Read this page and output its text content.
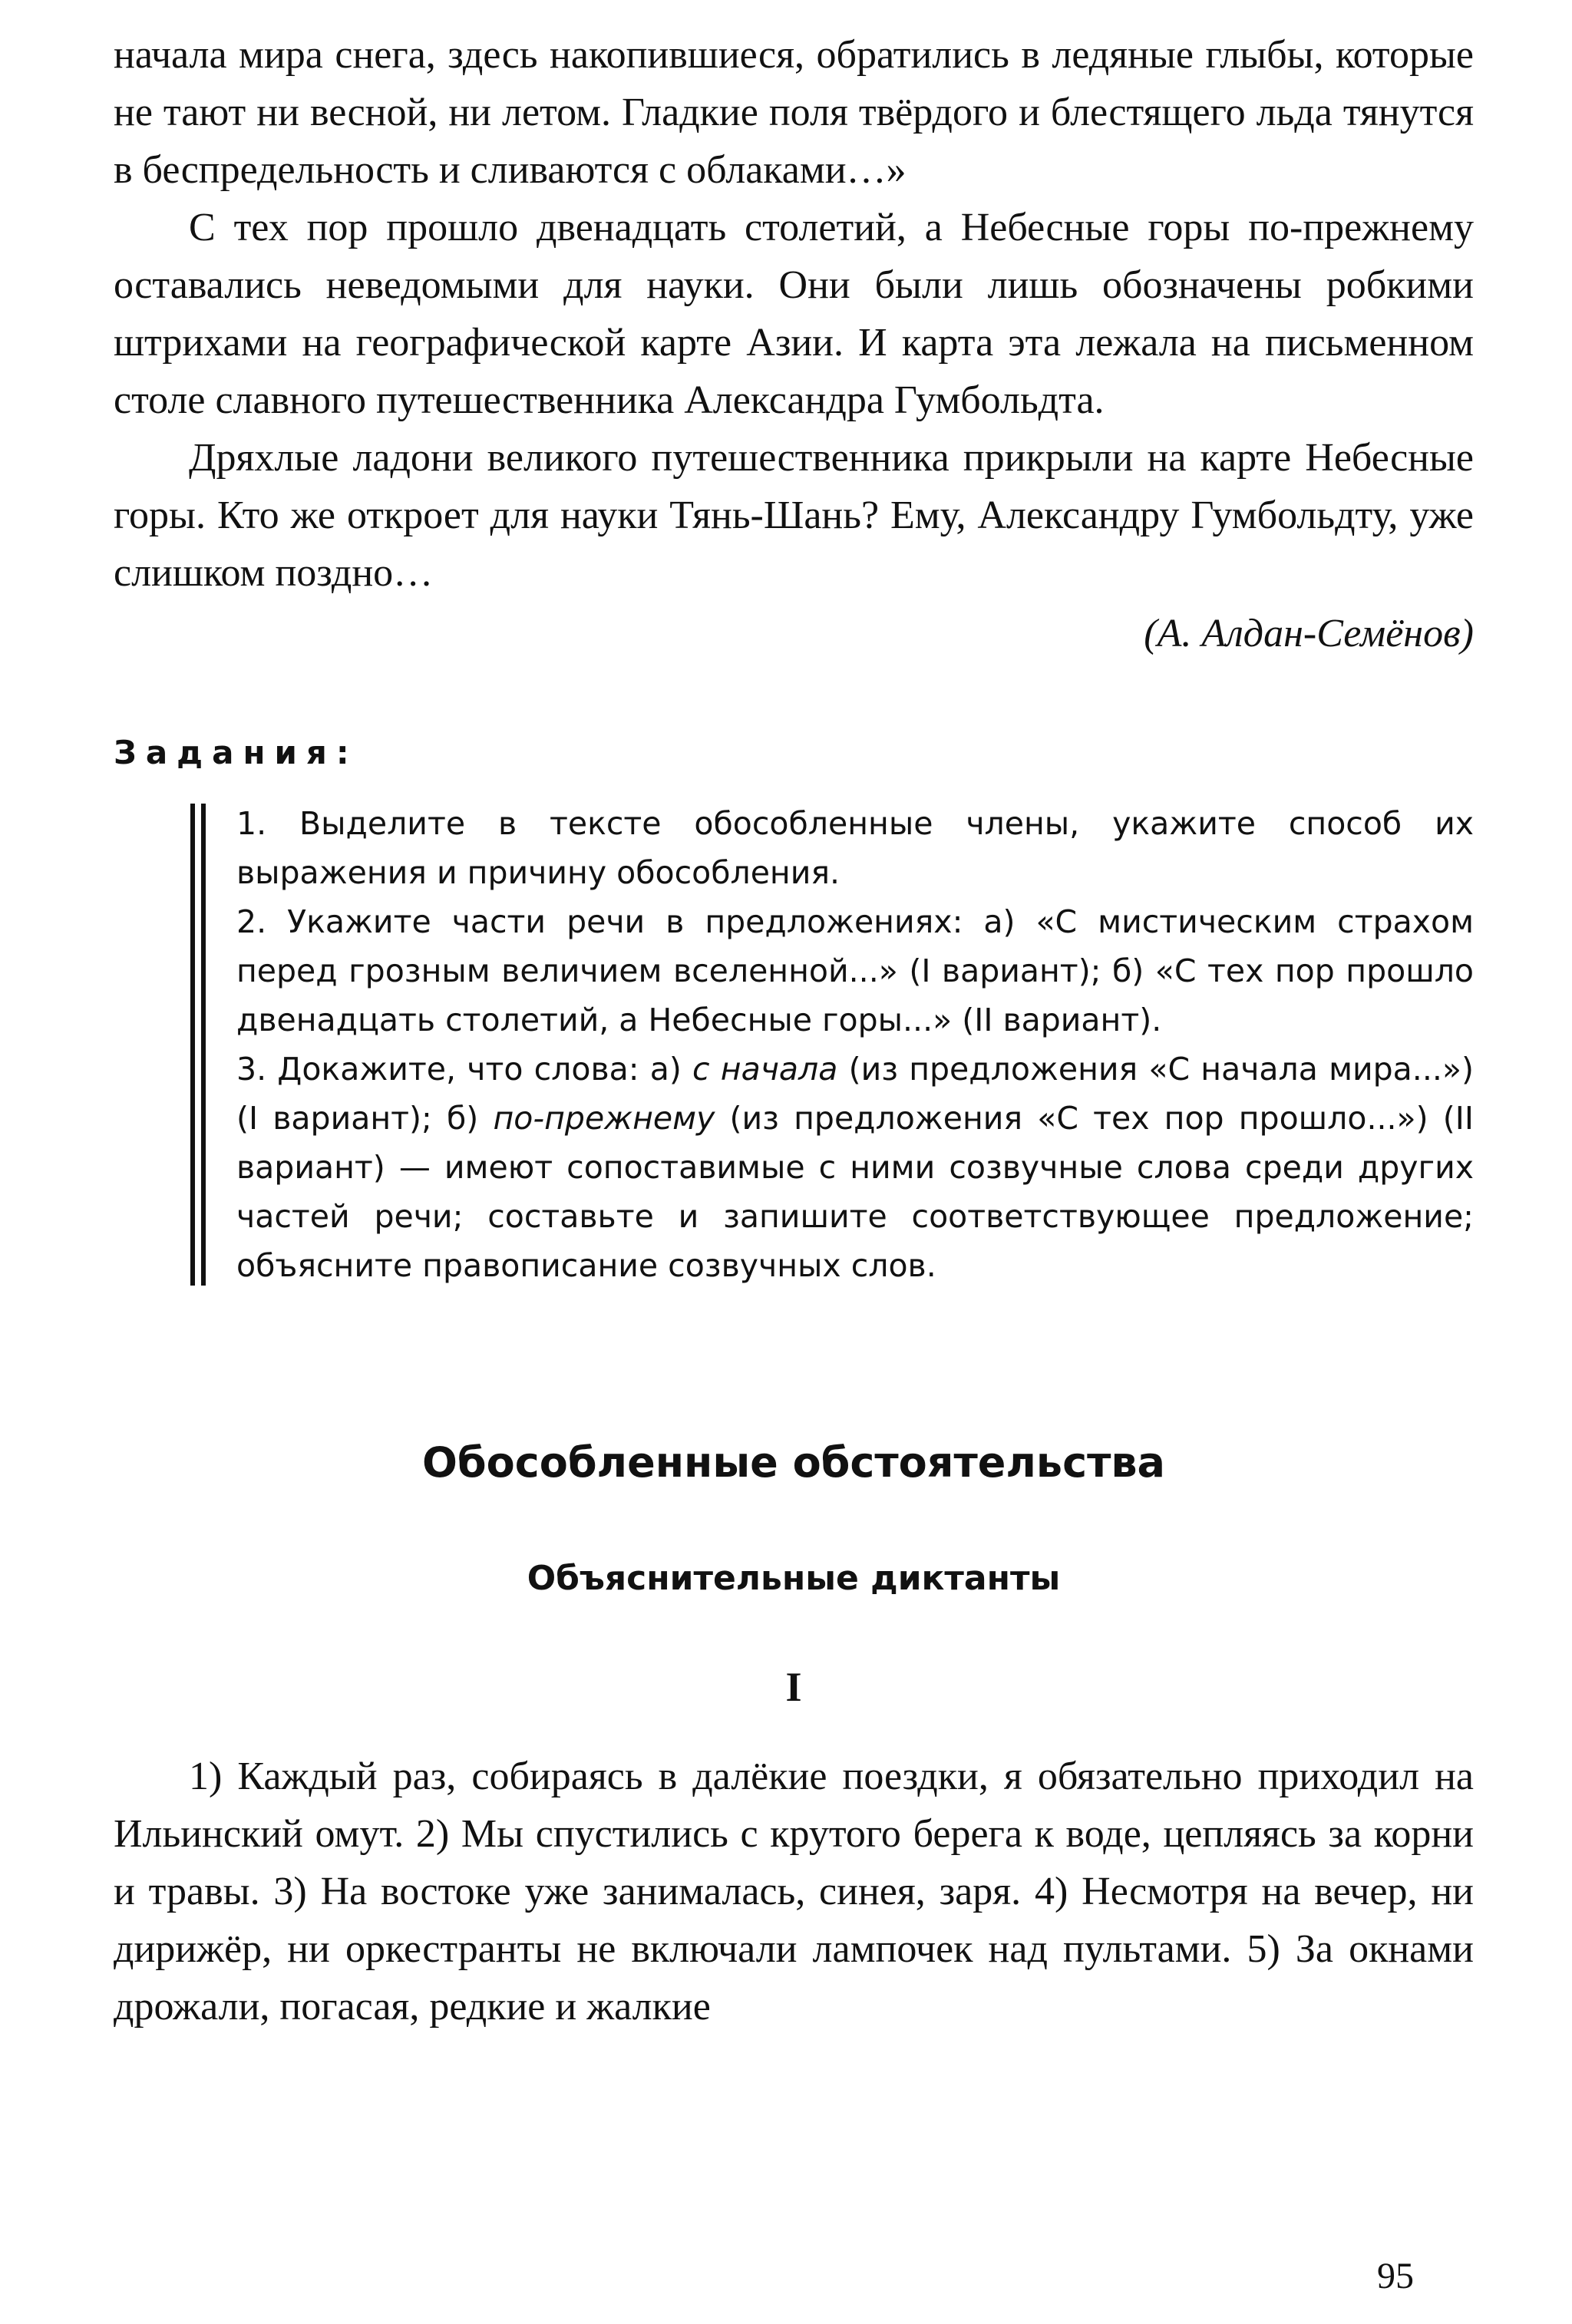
начала мира снега, здесь накопившиеся, обратились в ледяные глыбы, которые не тают ни весной, ни летом. Гладкие поля твёрдого и блестящего льда тянутся в беспредельность и сливаются с облаками…»

С тех пор прошло двенадцать столетий, а Небесные горы по-прежнему оставались неведомыми для науки. Они были лишь обозначены робкими штрихами на географической карте Азии. И карта эта лежала на письменном столе славного путешественника Александра Гумбольдта.

Дряхлые ладони великого путешественника прикрыли на карте Небесные горы. Кто же откроет для науки Тянь-Шань? Ему, Александру Гумбольдту, уже слишком поздно…

(А. Алдан-Семёнов)
Задания:

1. Выделите в тексте обособленные члены, укажите способ их выражения и причину обособления.

2. Укажите части речи в предложениях: а) «С мистическим страхом перед грозным величием вселенной...» (I вариант); б) «С тех пор прошло двенадцать столетий, а Небесные горы...» (II вариант).

3. Докажите, что слова: а) с начала (из предложения «С начала мира...») (I вариант); б) по-прежнему (из предложения «С тех пор прошло...») (II вариант) — имеют сопоставимые с ними созвучные слова среди других частей речи; составьте и запишите соответствующее предложение; объясните правописание созвучных слов.

Обособленные обстоятельства
Объяснительные диктанты
I

1) Каждый раз, собираясь в далёкие поездки, я обязательно приходил на Ильинский омут. 2) Мы спустились с крутого берега к воде, цепляясь за корни и травы. 3) На востоке уже занималась, синея, заря. 4) Несмотря на вечер, ни дирижёр, ни оркестранты не включали лампочек над пультами. 5) За окнами дрожали, погасая, редкие и жалкие

95
